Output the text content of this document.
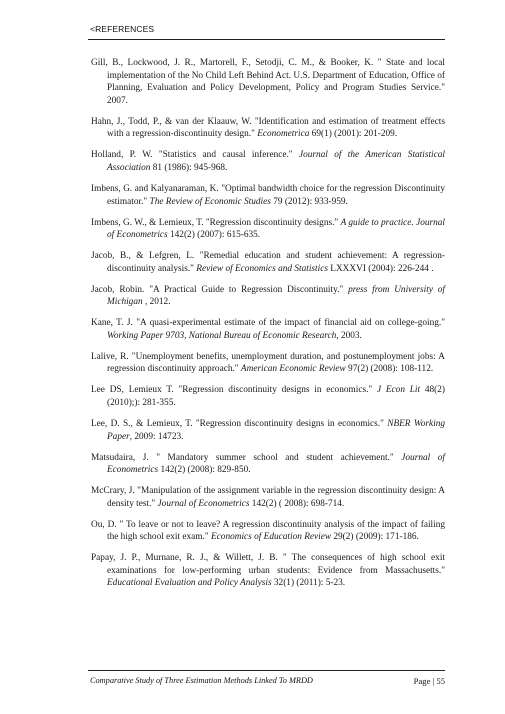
<REFERENCES
Gill, B., Lockwood, J. R., Martorell, F., Setodji, C. M., & Booker, K. " State and local implementation of the No Child Left Behind Act. U.S. Department of Education, Office of Planning, Evaluation and Policy Development, Policy and Program Studies Service." 2007.
Hahn, J., Todd, P., & van der Klaauw, W. "Identification and estimation of treatment effects with a regression-discontinuity design." Econometrica 69(1) (2001): 201-209.
Holland, P. W. "Statistics and causal inference." Journal of the American Statistical Association 81 (1986): 945-968.
Imbens, G. and Kalyanaraman, K. "Optimal bandwidth choice for the regression Discontinuity estimator." The Review of Economic Studies 79 (2012): 933-959.
Imbens, G. W., & Lemieux, T. "Regression discontinuity designs." A guide to practice. Journal of Econometrics 142(2) (2007): 615-635.
Jacob, B., & Lefgren, L. "Remedial education and student achievement: A regression-discontinuity analysis." Review of Economics and Statistics LXXXVI (2004): 226-244 .
Jacob, Robin. "A Practical Guide to Regression Discontinuity." press from University of Michigan , 2012.
Kane, T. J. "A quasi-experimental estimate of the impact of financial aid on college-going." Working Paper 9703, National Bureau of Economic Research, 2003.
Lalive, R. "Unemployment benefits, unemployment duration, and postunemployment jobs: A regression discontinuity approach." American Economic Review 97(2) (2008): 108-112.
Lee DS, Lemieux T. "Regression discontinuity designs in economics." J Econ Lit 48(2) (2010);): 281-355.
Lee, D. S., & Lemieux, T. "Regression discontinuity designs in economics." NBER Working Paper, 2009: 14723.
Matsudaira, J. " Mandatory summer school and student achievement." Journal of Econometrics 142(2) (2008): 829-850.
McCrary, J. "Manipulation of the assignment variable in the regression discontinuity design: A density test." Journal of Econometrics 142(2) ( 2008): 698-714.
Ou, D. " To leave or not to leave? A regression discontinuity analysis of the impact of failing the high school exit exam." Economics of Education Review 29(2) (2009): 171-186.
Papay, J. P., Murnane, R. J., & Willett, J. B. " The consequences of high school exit examinations for low-performing urban students: Evidence from Massachusetts." Educational Evaluation and Policy Analysis 32(1) (2011): 5-23.
Comparative Study of Three Estimation Methods Linked To MRDD	Page | 55
